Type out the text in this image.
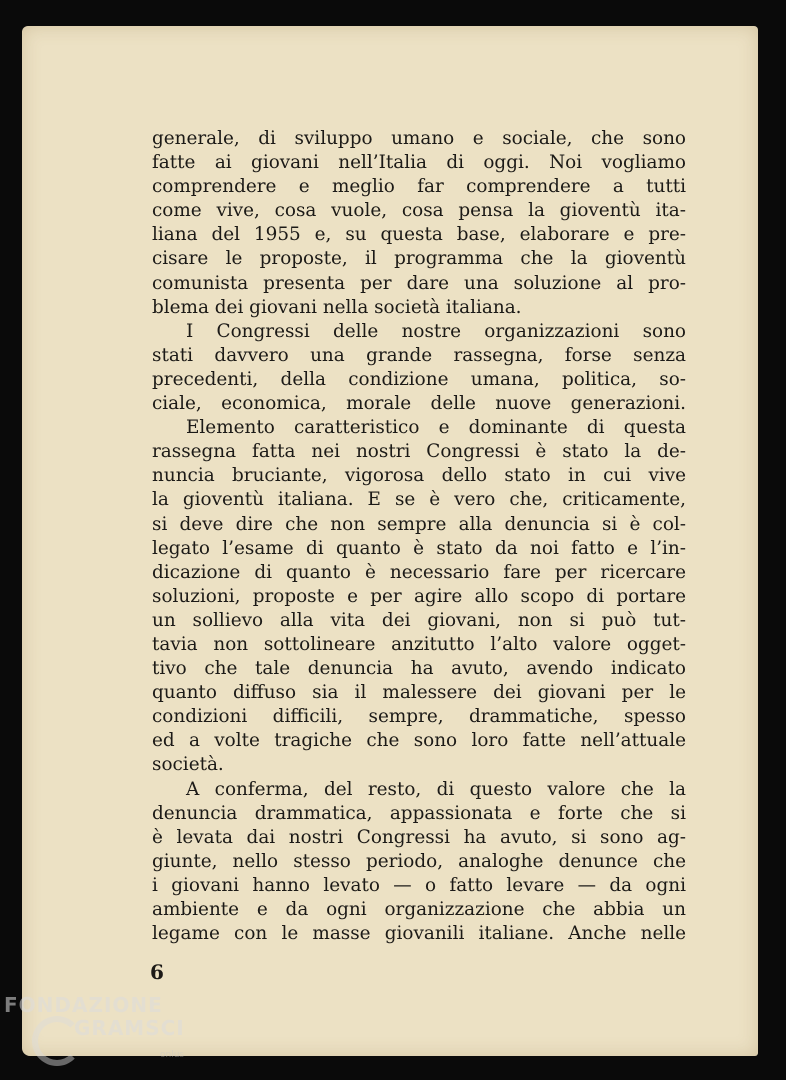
generale, di sviluppo umano e sociale, che sono
fatte ai giovani nell’Italia di oggi. Noi vogliamo
comprendere e meglio far comprendere a tutti
come vive, cosa vuole, cosa pensa la gioventù ita-
liana del 1955 e, su questa base, elaborare e pre-
cisare le proposte, il programma che la gioventù
comunista presenta per dare una soluzione al pro-
blema dei giovani nella società italiana.
I Congressi delle nostre organizzazioni sono
stati davvero una grande rassegna, forse senza
precedenti, della condizione umana, politica, so-
ciale, economica, morale delle nuove generazioni.
Elemento caratteristico e dominante di questa
rassegna fatta nei nostri Congressi è stato la de-
nuncia bruciante, vigorosa dello stato in cui vive
la gioventù italiana. E se è vero che, criticamente,
si deve dire che non sempre alla denuncia si è col-
legato l’esame di quanto è stato da noi fatto e l’in-
dicazione di quanto è necessario fare per ricercare
soluzioni, proposte e per agire allo scopo di portare
un sollievo alla vita dei giovani, non si può tut-
tavia non sottolineare anzitutto l’alto valore ogget-
tivo che tale denuncia ha avuto, avendo indicato
quanto diffuso sia il malessere dei giovani per le
condizioni difficili, sempre, drammatiche, spesso
ed a volte tragiche che sono loro fatte nell’attuale
società.
A conferma, del resto, di questo valore che la
denuncia drammatica, appassionata e forte che si
è levata dai nostri Congressi ha avuto, si sono ag-
giunte, nello stesso periodo, analoghe denunce che
i giovani hanno levato — o fatto levare — da ogni
ambiente e da ogni organizzazione che abbia un
legame con le masse giovanili italiane. Anche nelle
6
FONDAZIONE
GRAMSCI
onlus
